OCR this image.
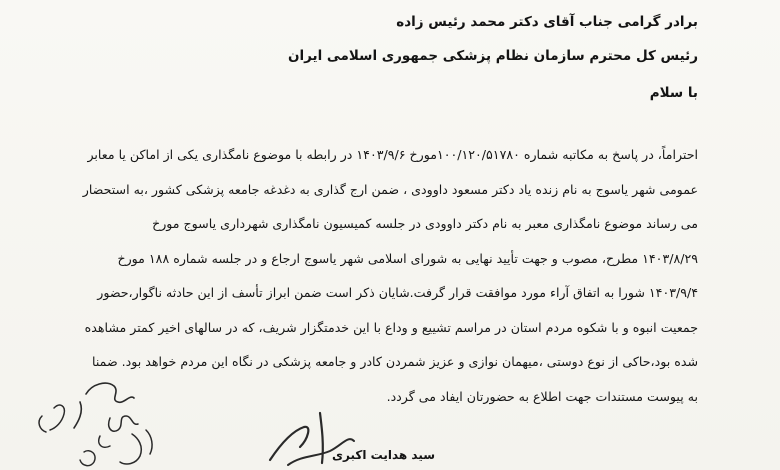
برادر گرامی جناب آقای دکتر محمد رئیس زاده
رئیس کل محترم سازمان نظام پزشکی جمهوری اسلامی ایران
با سلام

احتراماً، در پاسخ به مکاتبه شماره ۱۰۰/۱۲۰/۵۱۷۸۰مورخ ۱۴۰۳/۹/۶ در رابطه با موضوع نامگذاری یکی از اماکن یا معابر

عمومی شهر یاسوج به نام زنده یاد دکتر مسعود داوودی ، ضمن ارج گذاری به دغدغه جامعه پزشکی کشور ،به استحضار

می رساند موضوع نامگذاری معبر به نام دکتر داوودی در جلسه کمیسیون نامگذاری شهرداری یاسوج مورخ

۱۴۰۳/۸/۲۹ مطرح، مصوب و جهت تأیید نهایی به شورای اسلامی شهر یاسوج ارجاع و در جلسه شماره ۱۸۸ مورخ

۱۴۰۳/۹/۴ شورا به اتفاق آراء مورد موافقت قرار گرفت.شایان ذکر است ضمن ابراز تأسف از این حادثه ناگوار،حضور

جمعیت انبوه و با شکوه مردم استان در مراسم تشییع و وداع با این خدمتگزار شریف، که در سالهای اخیر کمتر مشاهده

شده بود،حاکی از نوع دوستی ،میهمان نوازی و عزیز شمردن کادر و جامعه پزشکی در نگاه این مردم خواهد بود. ضمنا

به پیوست مستندات جهت اطلاع به حضورتان ایفاد می گردد.

سید هدایت اکبری
